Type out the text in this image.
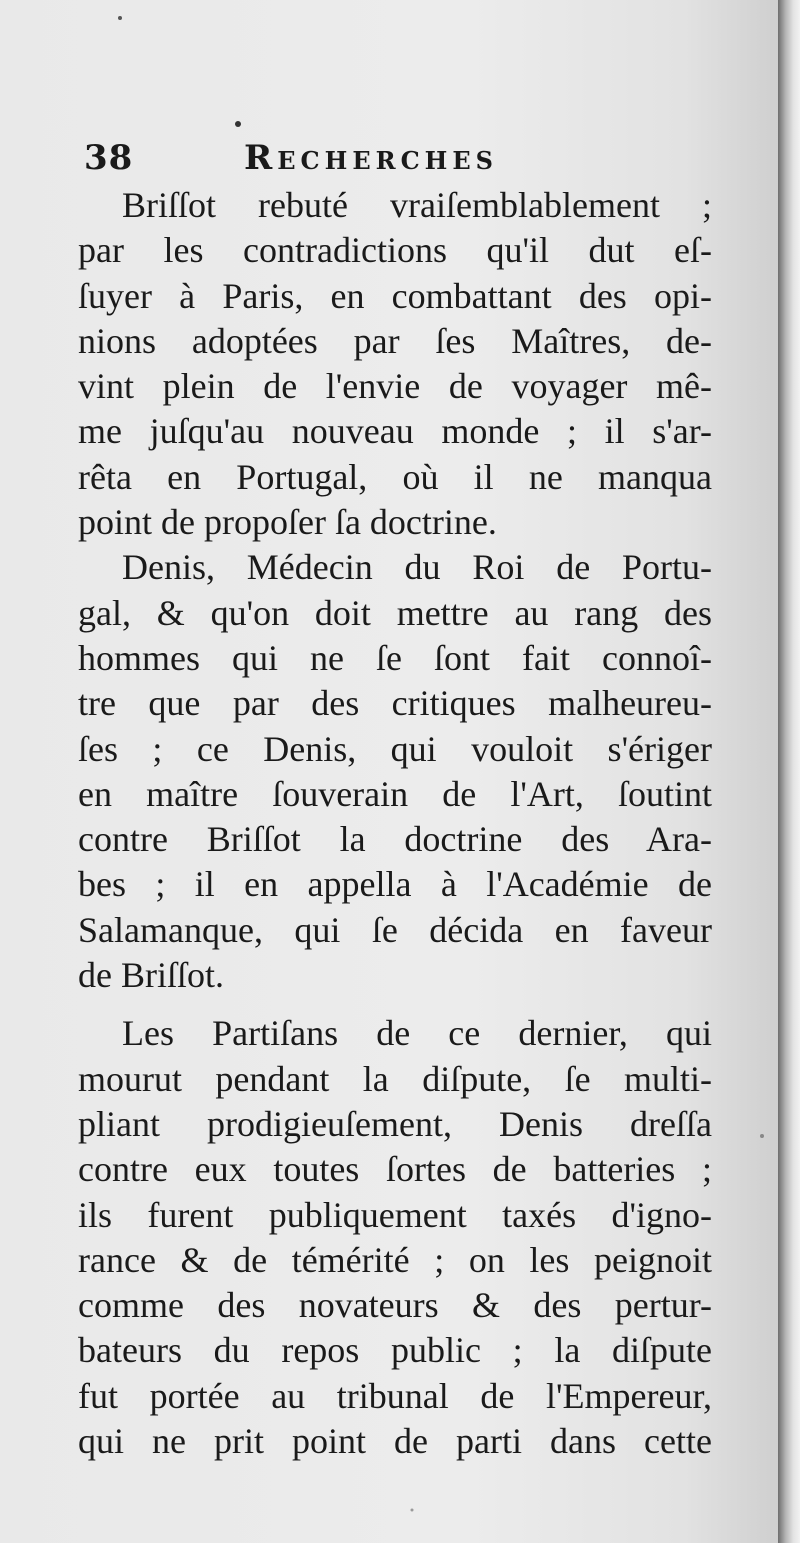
38	Recherches
Briſſot rebuté vraiſemblablement ;
par les contradictions qu'il dut eſ-
ſuyer à Paris, en combattant des opi-
nions adoptées par ſes Maîtres, de-
vint plein de l'envie de voyager mê-
me juſqu'au nouveau monde ; il s'ar-
rêta en Portugal, où il ne manqua
point de propoſer ſa doctrine.
Denis, Médecin du Roi de Portu-
gal, & qu'on doit mettre au rang des
hommes qui ne ſe ſont fait connoî-
tre que par des critiques malheureu-
ſes ; ce Denis, qui vouloit s'ériger
en maître ſouverain de l'Art, ſoutint
contre Briſſot la doctrine des Ara-
bes ; il en appella à l'Académie de
Salamanque, qui ſe décida en faveur
de Briſſot.
Les Partiſans de ce dernier, qui
mourut pendant la diſpute, ſe multi-
pliant prodigieuſement, Denis dreſſa
contre eux toutes ſortes de batteries ;
ils furent publiquement taxés d'igno-
rance & de témérité ; on les peignoit
comme des novateurs & des pertur-
bateurs du repos public ; la diſpute
fut portée au tribunal de l'Empereur,
qui ne prit point de parti dans cette
